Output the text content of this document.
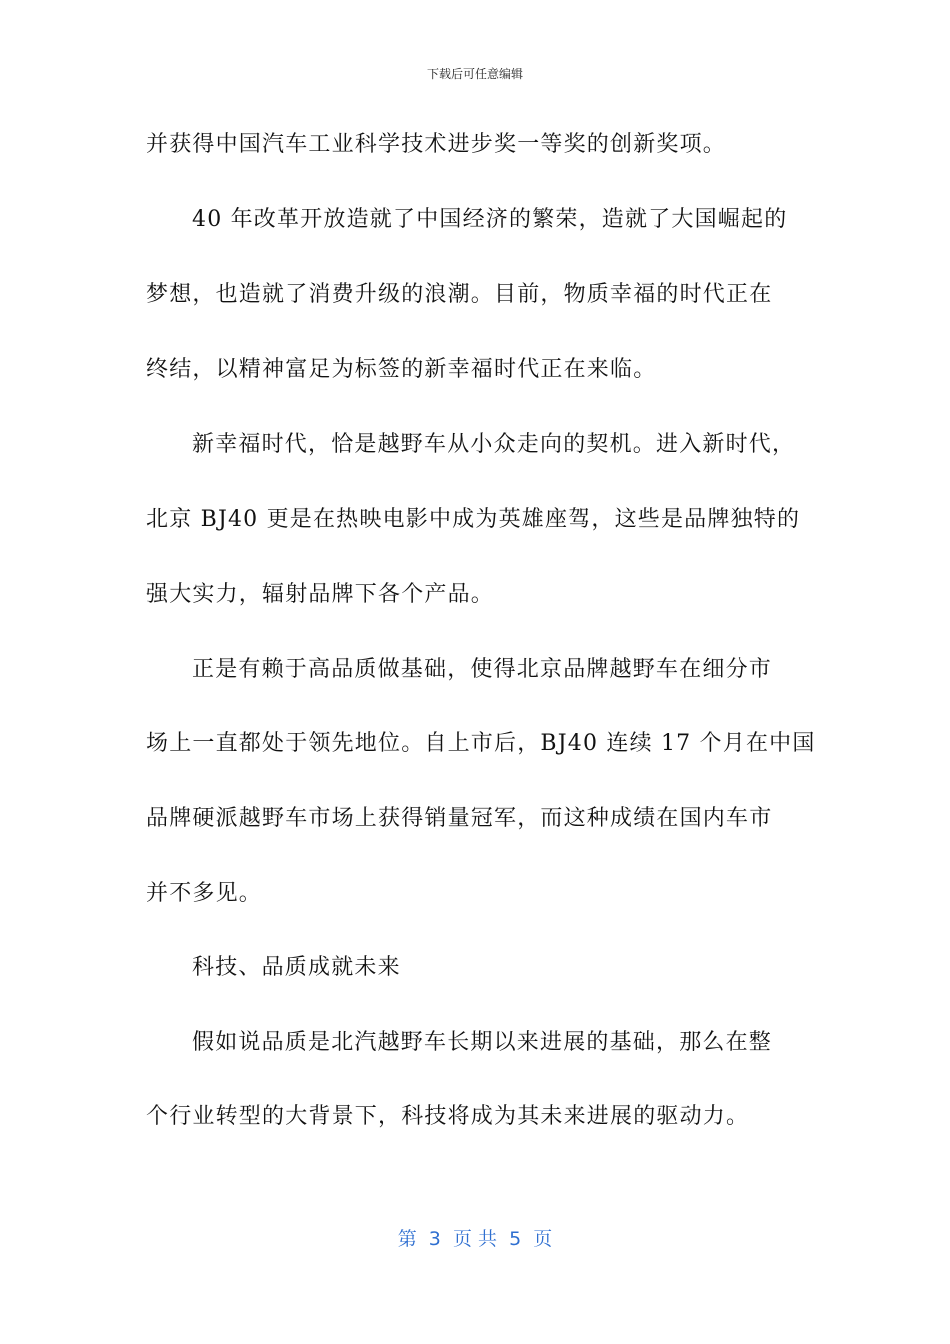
下载后可任意编辑
并获得中国汽车工业科学技术进步奖一等奖的创新奖项。
40 年改革开放造就了中国经济的繁荣，造就了大国崛起的
梦想，也造就了消费升级的浪潮。目前，物质幸福的时代正在
终结，以精神富足为标签的新幸福时代正在来临。
新幸福时代，恰是越野车从小众走向的契机。进入新时代，
北京 BJ40 更是在热映电影中成为英雄座驾，这些是品牌独特的
强大实力，辐射品牌下各个产品。
正是有赖于高品质做基础，使得北京品牌越野车在细分市
场上一直都处于领先地位。自上市后，BJ40 连续 17 个月在中国
品牌硬派越野车市场上获得销量冠军，而这种成绩在国内车市
并不多见。
科技、品质成就未来
假如说品质是北汽越野车长期以来进展的基础，那么在整
个行业转型的大背景下，科技将成为其未来进展的驱动力。
第  3  页 共  5  页
